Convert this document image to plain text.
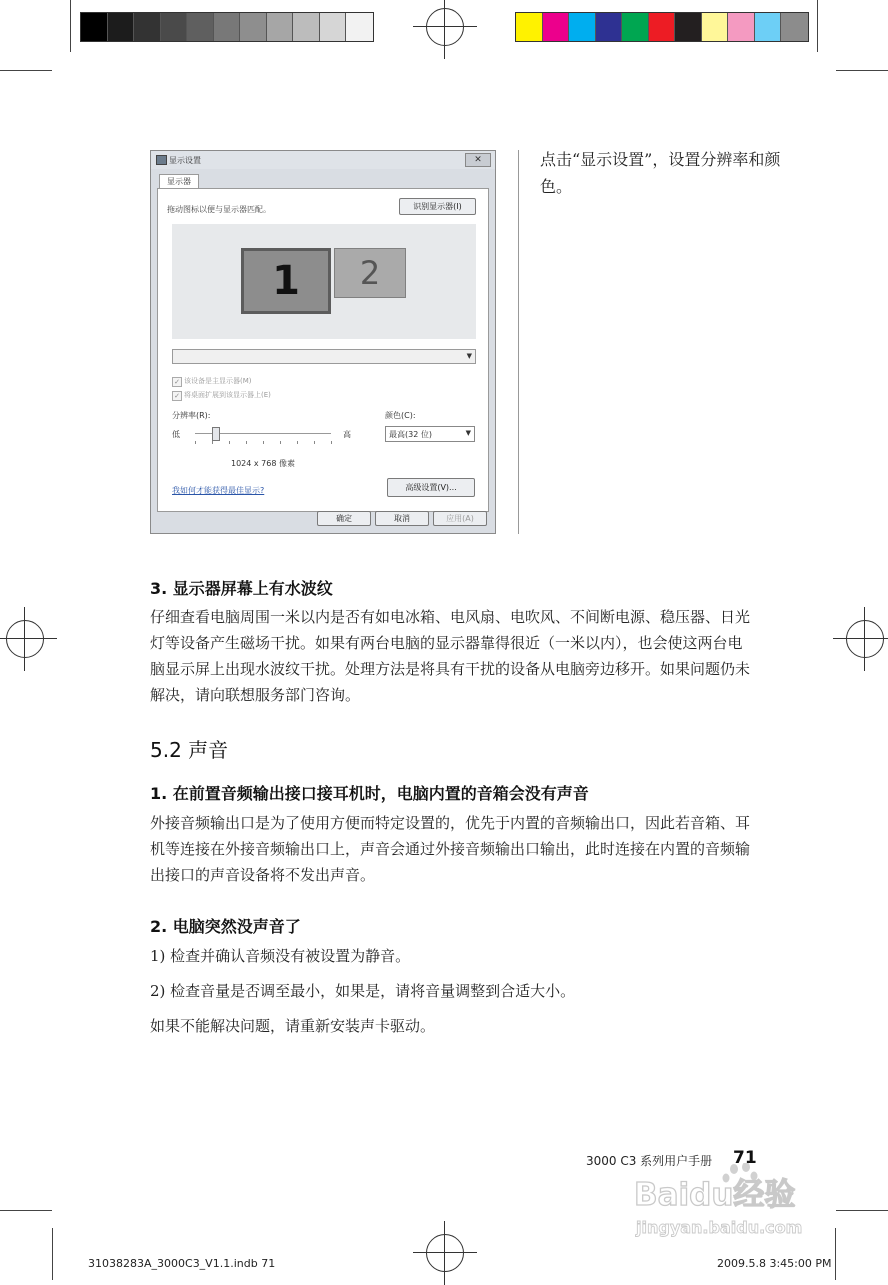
显示设置	✕
显示器
拖动图标以便与显示器匹配。	识别显示器(I)
1	2
▼
✓ 该设备是主显示器(M)
✓ 将桌面扩展到该显示器上(E)
分辨率(R):
低	高
1024 x 768 像素
颜色(C):
最高(32 位)	▼
我如何才能获得最佳显示?	高级设置(V)...
确定	取消	应用(A)
点击“显示设置”，设置分辨率和颜色。
3. 显示器屏幕上有水波纹
仔细查看电脑周围一米以内是否有如电冰箱、电风扇、电吹风、不间断电源、稳压器、日光灯等设备产生磁场干扰。如果有两台电脑的显示器靠得很近（一米以内），也会使这两台电脑显示屏上出现水波纹干扰。处理方法是将具有干扰的设备从电脑旁边移开。如果问题仍未解决，请向联想服务部门咨询。
5.2 声音
1. 在前置音频输出接口接耳机时，电脑内置的音箱会没有声音
外接音频输出口是为了使用方便而特定设置的，优先于内置的音频输出口，因此若音箱、耳机等连接在外接音频输出口上，声音会通过外接音频输出口输出，此时连接在内置的音频输出接口的声音设备将不发出声音。
2. 电脑突然没声音了
1) 检查并确认音频没有被设置为静音。
2) 检查音量是否调至最小，如果是，请将音量调整到合适大小。
如果不能解决问题，请重新安装声卡驱动。
3000 C3 系列用户手册 71
31038283A_3000C3_V1.1.indb 71	2009.5.8 3:45:00 PM
Baidu经验
jingyan.baidu.com
